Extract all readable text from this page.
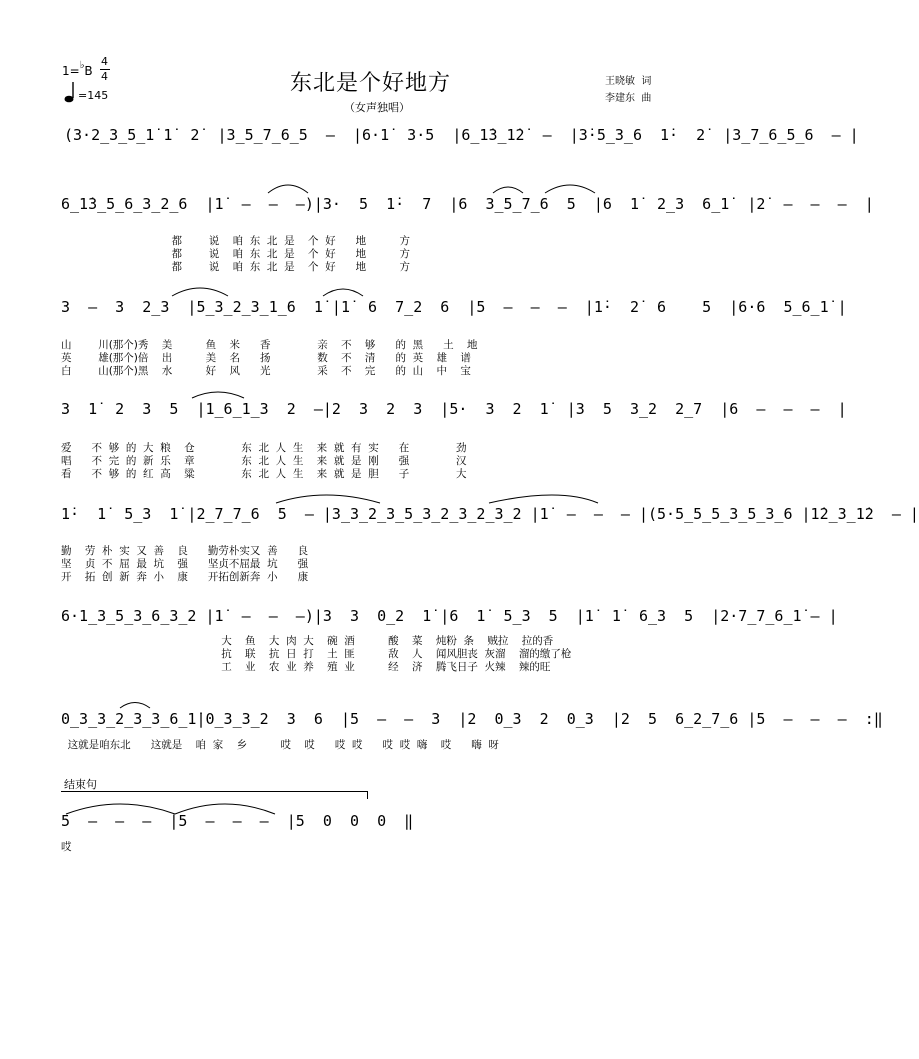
1=♭B
4
4
=145	东北是个好地方
（女声独唱）
王晓敏  词
李建东  曲
(3·2̲3̲5̲1̇ 1̇  2̇  |3̲5̲7̲6̲5  –  |6·1̇  3·5  |6̲1̇3̲1̇2̇  –  |3̇·5̲3̲6  1̇·  2̇  |3̲7̲6̲5̲6  – |
6̲1̇3̲5̲6̲3̲2̲6  |1̇  –  –  –)|3·  5  1̇·  7  |6  3̲5̲7̲6  5  |6  1̇  2̲3  6̲1̇  |2̇  –  –  –  |
都        说    咱  东  北  是    个  好      地          方
都        说    咱  东  北  是    个  好      地          方
都        说    咱  东  北  是    个  好      地          方
3  –  3  2̲3  |5̲3̲2̲3̲1̲6  1̇ |1̇  6  7̲2  6  |5  –  –  –  |1̇·  2̇  6    5  |6·6  5̲6̲1̇ |
山        川(那个)秀    美          鱼    米      香              亲    不    够      的  黑      土    地
英        雄(那个)倍    出          美    名      扬              数    不    清      的  英    雄    谱
白        山(那个)黑    水          好    风      光              采    不    完      的  山    中    宝
3  1̇  2  3  5  |1̲6̲1̲3  2  –|2  3  2  3  |5·  3  2  1̇  |3  5  3̲2  2̲7  |6  –  –  –  |
爱      不  够  的  大  粮    仓              东  北  人  生    来  就  有  实      在              劲
唱      不  完  的  新  乐    章              东  北  人  生    来  就  是  刚      强              汉
看      不  够  的  红  高    粱              东  北  人  生    来  就  是  胆      子              大
1̇·  1̇  5̲3  1̇ |2̲7̲7̲6  5  – |3̲3̲2̲3̲5̲3̲2̲3̲2̲3̲2 |1̇  –  –  – |(5·5̲5̲5̲3̲5̲3̲6 |1̇2̲3̲1̇2  – |
勤    劳  朴  实  又  善    良      勤劳朴实又  善      良
坚    贞  不  屈  最  坑    强      坚贞不屈最  坑      强
开    拓  创  新  奔  小    康      开拓创新奔  小      康
6·1̲3̲5̲3̲6̲3̲2 |1̇  –  –  –)|3  3  0̲2  1̇ |6  1̇  5̲3  5  |1̇  1̇  6̲3  5  |2·7̲7̲6̲1̇ – |
大    鱼    大  肉  大    碗  酒          酸    菜    炖粉  条    贼拉    拉的香
抗    联    抗  日  打    土  匪          敌    人    闻风胆丧  灰溜    溜的缴了枪
工    业    农  业  养    殖  业          经    济    腾飞日子  火辣    辣的旺
0̲3̲3̲2̲3̲3̲6̲1̇|0̲3̲3̲2  3  6  |5  –  –  3  |2  0̲3  2  0̲3  |2  5  6̲2̲7̲6 |5  –  –  –  :‖
这就是咱东北      这就是    咱  家    乡          哎    哎      哎  哎      哎  哎  嗨    哎      嗨  呀
结束句
5  –  –  –  |5  –  –  –  |5  0  0  0  ‖
哎
